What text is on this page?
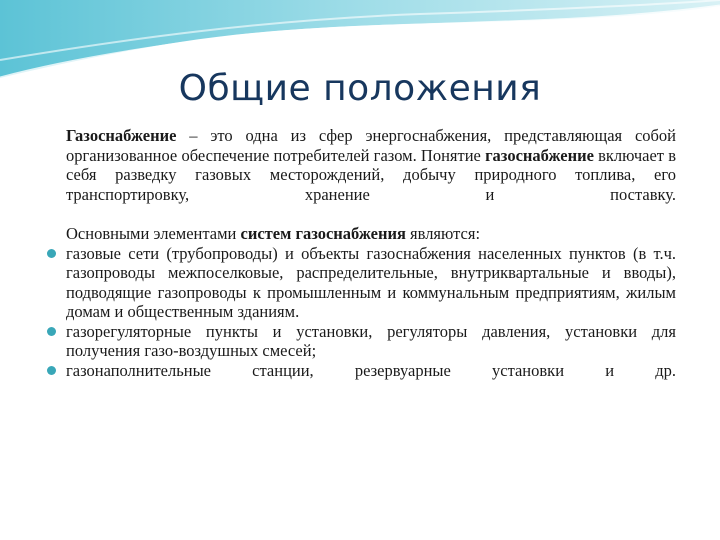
Общие положения

Газоснабжение – это одна из сфер энергоснабжения, представляющая собой организованное обеспечение потребителей газом. Понятие газоснабжение включает в себя разведку газовых месторождений, добычу природного топлива, его транспортировку, хранение и поставку.

Основными элементами систем газоснабжения являются:

газовые сети (трубопроводы) и объекты газоснабжения населенных пунктов (в т.ч. газопроводы межпоселковые, распределительные, внутриквартальные и вводы), подводящие газопроводы к промышленным и коммунальным предприятиям, жилым домам и общественным зданиям.
газорегуляторные пункты и установки, регуляторы давления, установки для получения газо-воздушных смесей;
газонаполнительные станции, резервуарные установки и др.
